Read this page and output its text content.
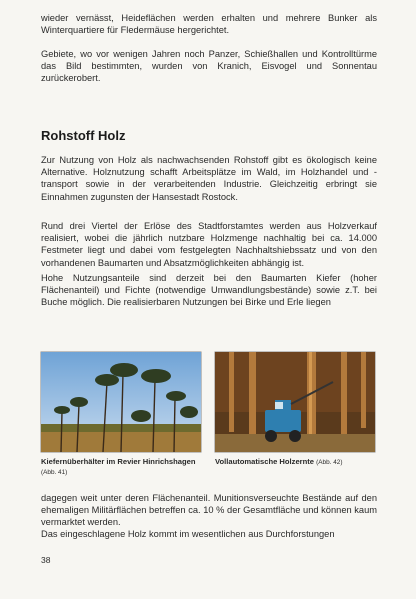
wieder vernässt, Heideflächen werden erhalten und mehrere Bunker als Winterquartiere für Fledermäuse hergerichtet.

Gebiete, wo vor wenigen Jahren noch Panzer, Schießhallen und Kontrolltürme das Bild bestimmten, wurden von Kranich, Eisvogel und Sonnentau zurückerobert.

Rohstoff Holz

Zur Nutzung von Holz als nachwachsenden Rohstoff gibt es ökologisch keine Alternative. Holznutzung schafft Arbeitsplätze im Wald, im Holzhandel und -transport sowie in der verarbeitenden Industrie. Gleichzeitig erbringt sie Einnahmen zugunsten der Hansestadt Rostock.

Rund drei Viertel der Erlöse des Stadtforstamtes werden aus Holzverkauf realisiert, wobei die jährlich nutzbare Holzmenge nachhaltig bei ca. 14.000 Festmeter liegt und dabei vom festgelegten Nachhaltshiebssatz und von den vorhandenen Baumarten und Absatzmöglichkeiten abhängig ist.

Hohe Nutzungsanteile sind derzeit bei den Baumarten Kiefer (hoher Flächenanteil) und Fichte (notwendige Umwandlungsbestände) sowie z.T. bei Buche möglich. Die realisierbaren Nutzungen bei Birke und Erle liegen

Kiefernüberhälter im Revier Hinrichshagen (Abb. 41)

Vollautomatische Holzernte (Abb. 42)

dagegen weit unter deren Flächenanteil. Munitionsverseuchte Bestände auf den ehemaligen Militärflächen betreffen ca. 10 % der Gesamtfläche und können kaum vermarktet werden.

Das eingeschlagene Holz kommt im wesentlichen aus Durchforstungen

38
